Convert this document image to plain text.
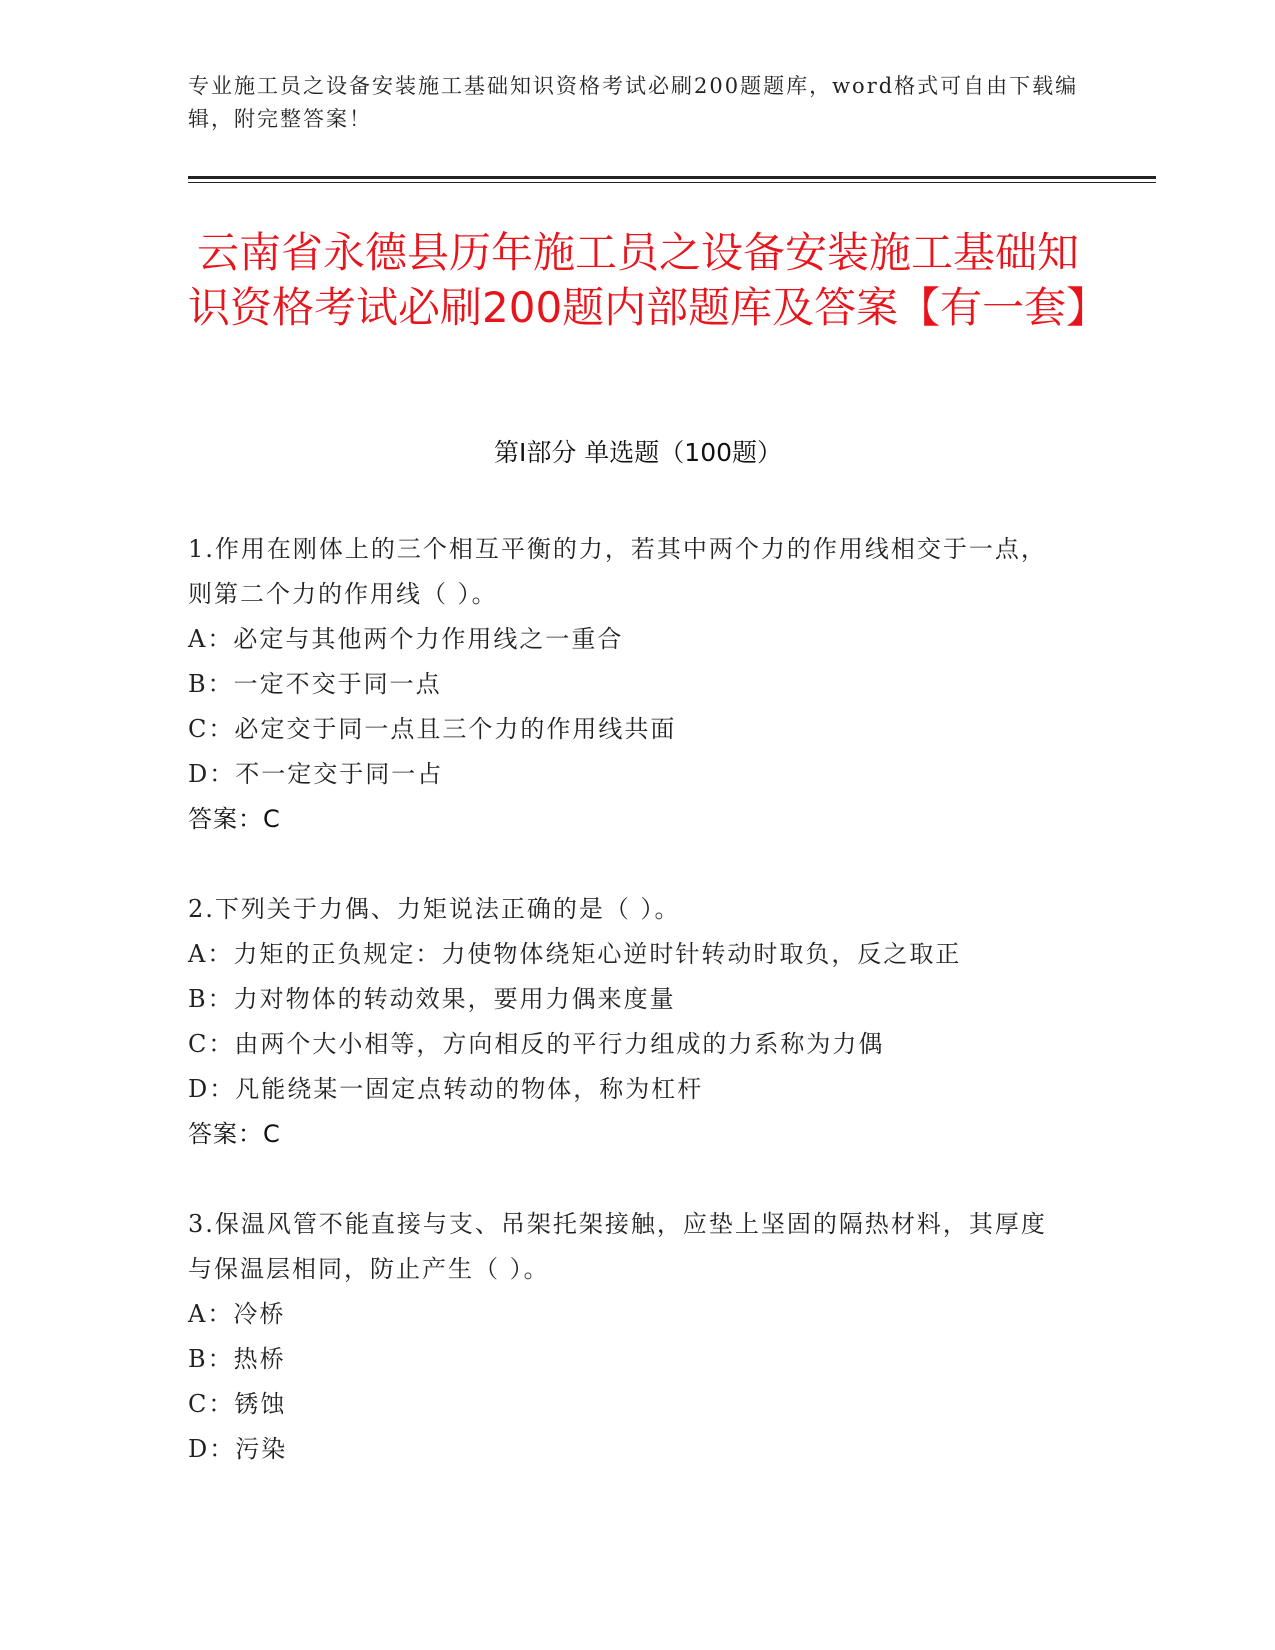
专业施工员之设备安装施工基础知识资格考试必刷200题题库，word格式可自由下载编辑，附完整答案！
云南省永德县历年施工员之设备安装施工基础知识资格考试必刷200题内部题库及答案【有一套】
第Ⅰ部分 单选题（100题）

1.作用在刚体上的三个相互平衡的力，若其中两个力的作用线相交于一点，则第二个力的作用线（ ）。

A：必定与其他两个力作用线之一重合

B：一定不交于同一点

C：必定交于同一点且三个力的作用线共面

D：不一定交于同一占

答案：C

2.下列关于力偶、力矩说法正确的是（ ）。

A：力矩的正负规定：力使物体绕矩心逆时针转动时取负，反之取正

B：力对物体的转动效果，要用力偶来度量

C：由两个大小相等，方向相反的平行力组成的力系称为力偶

D：凡能绕某一固定点转动的物体，称为杠杆

答案：C

3.保温风管不能直接与支、吊架托架接触，应垫上坚固的隔热材料，其厚度与保温层相同，防止产生（ ）。

A：冷桥

B：热桥

C：锈蚀

D：污染
